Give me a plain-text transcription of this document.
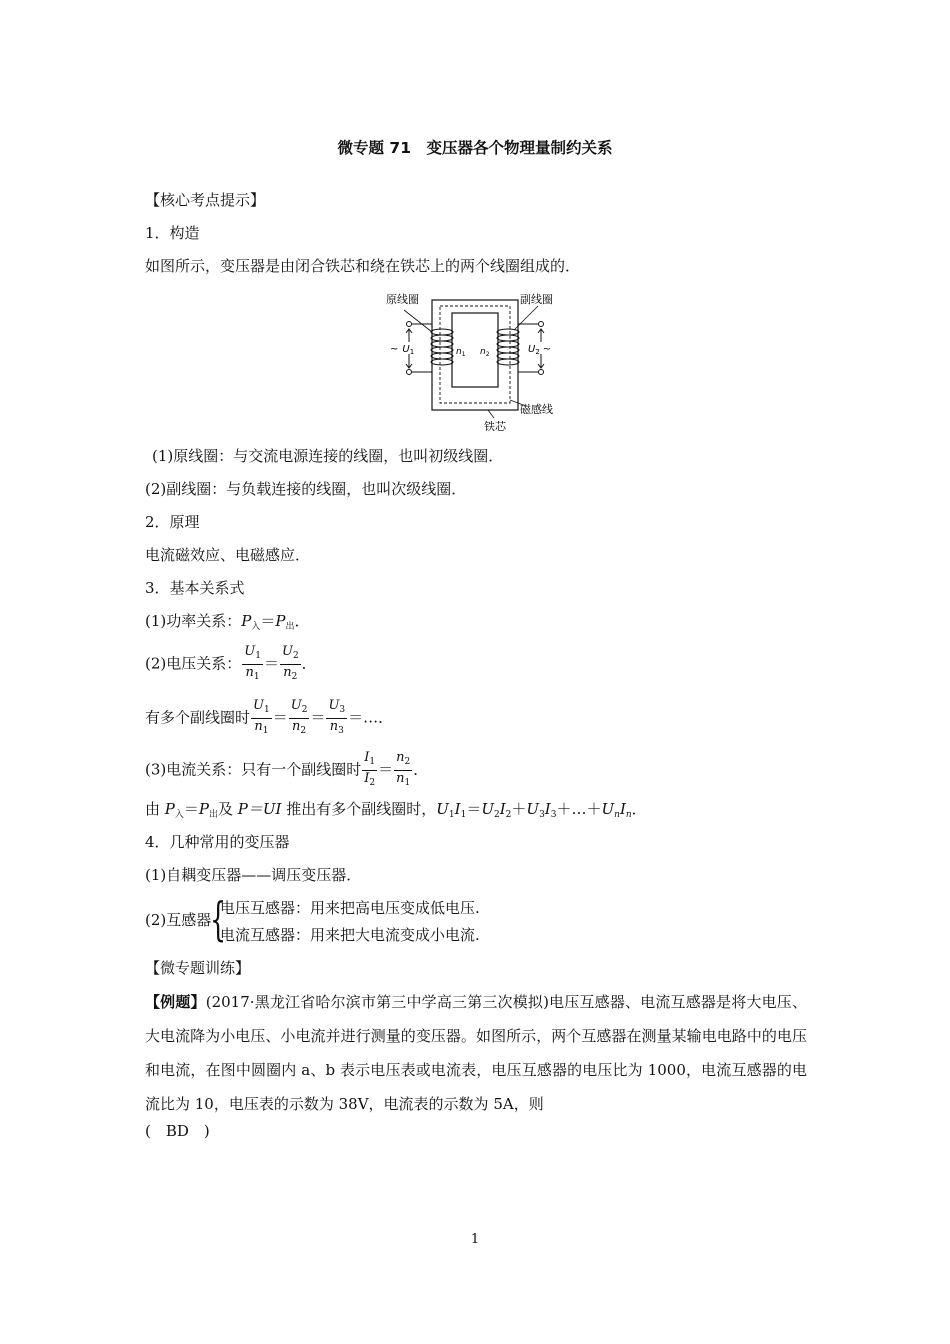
微专题 71　变压器各个物理量制约关系
【核心考点提示】
1．构造
如图所示，变压器是由闭合铁芯和绕在铁芯上的两个线圈组成的．
原线圈	副线圈
磁感线
铁芯
~ $U_1$	$U_2$ ~
$n_1$ $n_2$
(1)原线圈：与交流电源连接的线圈，也叫初级线圈．
(2)副线圈：与负载连接的线圈，也叫次级线圈．
2．原理
电流磁效应、电磁感应．
3．基本关系式
(1)功率关系：$P_入=P_出$．
(2)电压关系： $\frac{U_1}{n_1} = \frac{U_2}{n_2}$ ．
有多个副线圈时 $\frac{U_1}{n_1} = \frac{U_2}{n_2} = \frac{U_3}{n_3}$ ＝…．
(3)电流关系：只有一个副线圈时 $\frac{I_1}{I_2} = \frac{n_2}{n_1}$ ．
由 $P_入=P_出$及 P＝UI 推出有多个副线圈时，$U_1I_1=U_2I_2+U_3I_3+\dots+U_nI_n$．
4．几种常用的变压器
(1)自耦变压器——调压变压器．
(2)互感器
{
电压互感器：用来把高电压变成低电压.
电流互感器：用来把大电流变成小电流.
【微专题训练】
【例题】(2017·黑龙江省哈尔滨市第三中学高三第三次模拟)电压互感器、电流互感器是将大电压、大电流降为小电压、小电流并进行测量的变压器。如图所示，两个互感器在测量某输电电路中的电压和电流，在图中圆圈内 a、b 表示电压表或电流表，电压互感器的电压比为 1000，电流互感器的电流比为 10，电压表的示数为 38V，电流表的示数为 5A，则
(　BD　)
1
